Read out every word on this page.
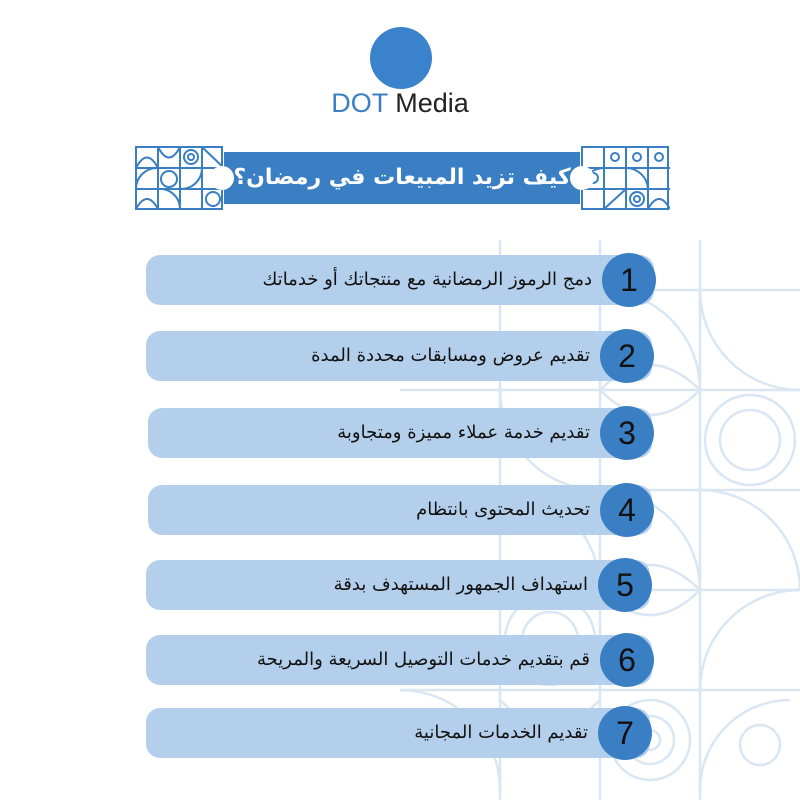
DOT Media
كيف تزيد المبيعات في رمضان؟
دمج الرموز الرمضانية مع منتجاتك أو خدماتك 1
تقديم عروض ومسابقات محددة المدة 2
تقديم خدمة عملاء مميزة ومتجاوبة 3
تحديث المحتوى بانتظام 4
استهداف الجمهور المستهدف بدقة 5
قم بتقديم خدمات التوصيل السريعة والمريحة 6
تقديم الخدمات المجانية 7
